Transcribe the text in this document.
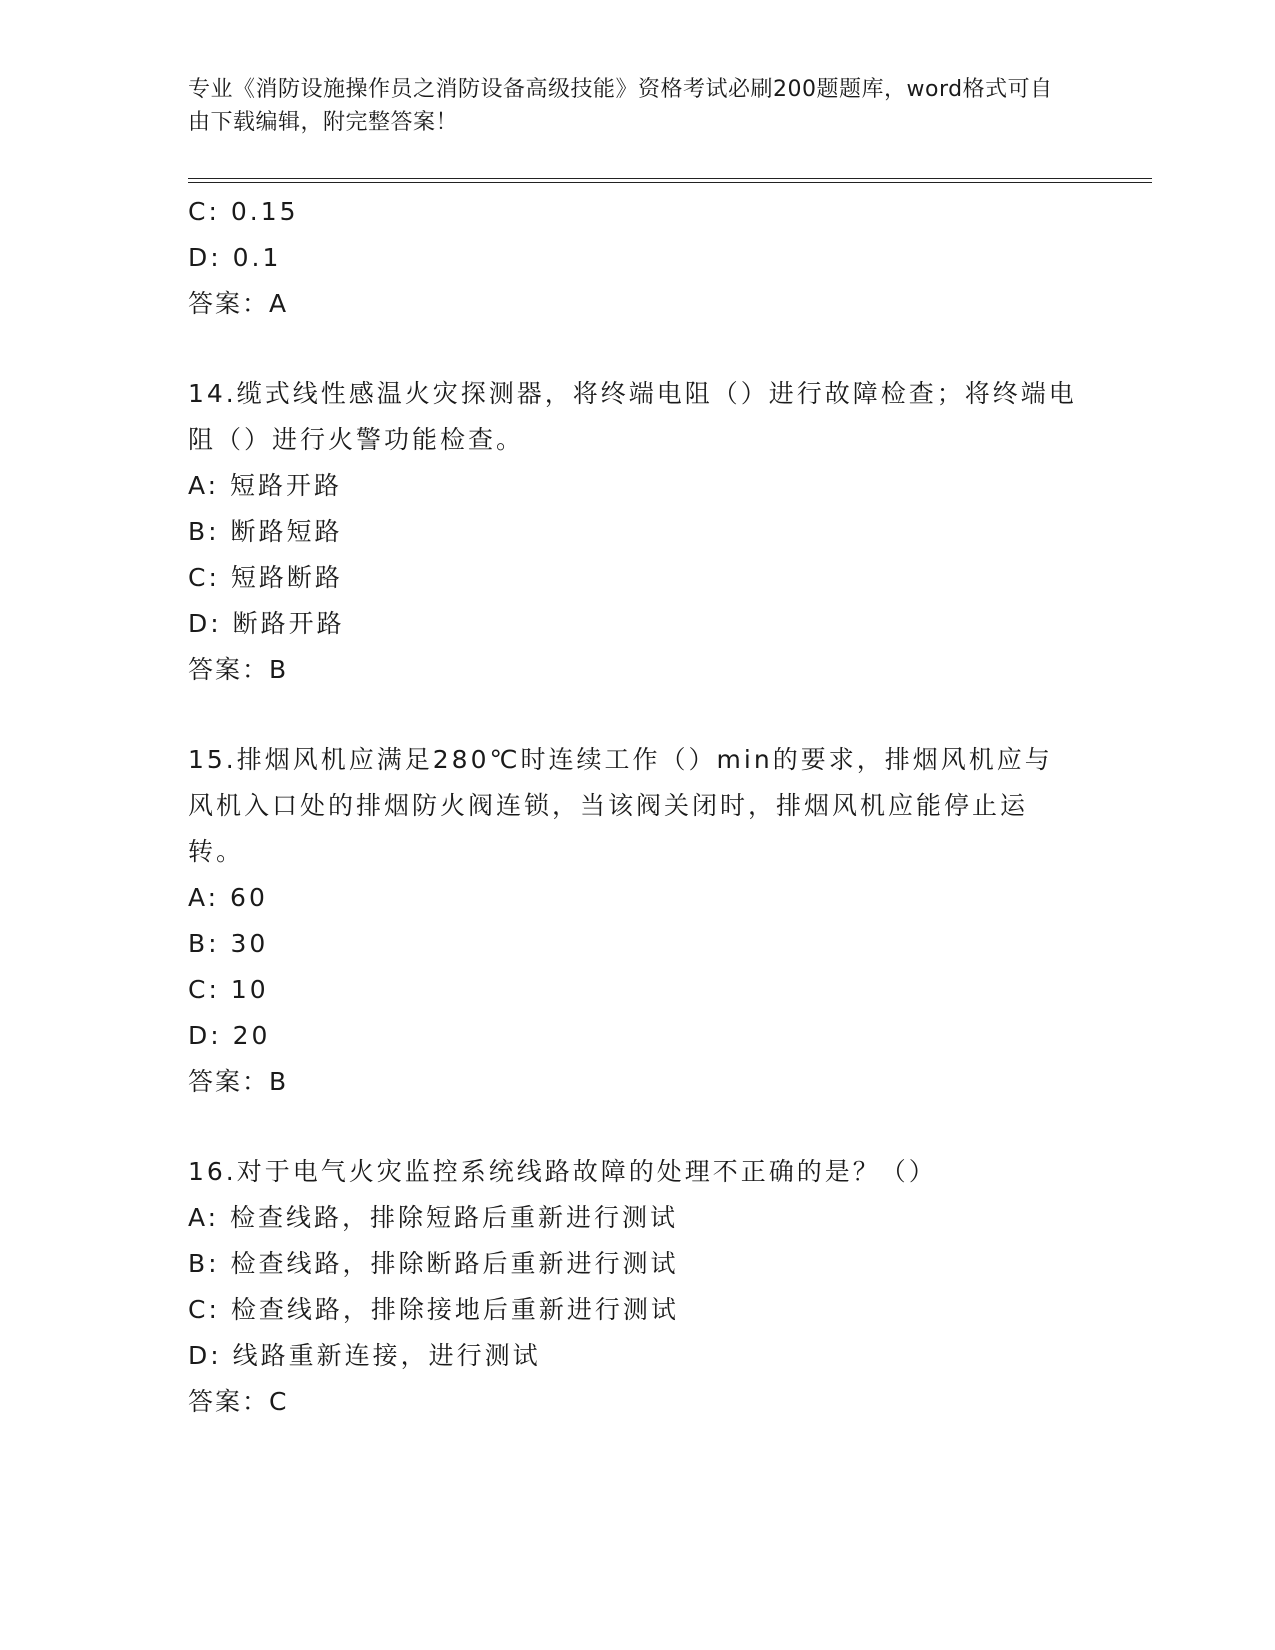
专业《消防设施操作员之消防设备高级技能》资格考试必刷200题题库，word格式可自由下载编辑，附完整答案！
C: 0.15
D: 0.1
答案：A
14.缆式线性感温火灾探测器，将终端电阻（）进行故障检查；将终端电阻（）进行火警功能检查。
A: 短路开路
B: 断路短路
C: 短路断路
D: 断路开路
答案：B
15.排烟风机应满足280℃时连续工作（）min的要求，排烟风机应与风机入口处的排烟防火阀连锁，当该阀关闭时，排烟风机应能停止运转。
A: 60
B: 30
C: 10
D: 20
答案：B
16.对于电气火灾监控系统线路故障的处理不正确的是？（）
A: 检查线路，排除短路后重新进行测试
B: 检查线路，排除断路后重新进行测试
C: 检查线路，排除接地后重新进行测试
D: 线路重新连接，进行测试
答案：C
